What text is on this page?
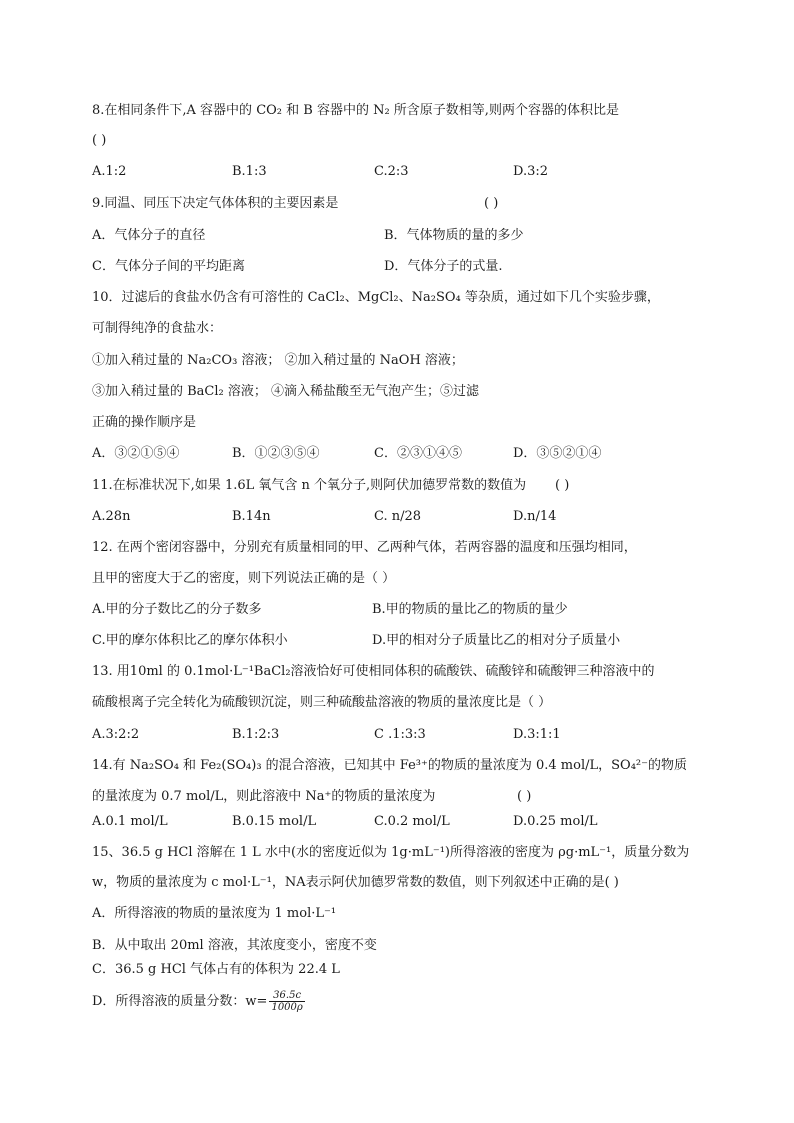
8.在相同条件下,A 容器中的 CO₂ 和 B 容器中的 N₂ 所含原子数相等,则两个容器的体积比是
( )
A.1:2	B.1:3	C.2:3	D.3:2
9.同温、同压下决定气体体积的主要因素是	( )
A．气体分子的直径	B．气体物质的量的多少
C．气体分子间的平均距离	D．气体分子的式量.
10．过滤后的食盐水仍含有可溶性的 CaCl₂、MgCl₂、Na₂SO₄ 等杂质，通过如下几个实验步骤，
可制得纯净的食盐水：
①加入稍过量的 Na₂CO₃ 溶液； ②加入稍过量的 NaOH 溶液；
③加入稍过量的 BaCl₂ 溶液； ④滴入稀盐酸至无气泡产生；⑤过滤
正确的操作顺序是
A．③②①⑤④	B．①②③⑤④	C．②③①④⑤	D．③⑤②①④
11.在标准状况下,如果 1.6L 氧气含 n 个氧分子,则阿伏加德罗常数的数值为 ( )
A.28n	B.14n	C. n/28	D.n/14
12. 在两个密闭容器中，分别充有质量相同的甲、乙两种气体，若两容器的温度和压强均相同，
且甲的密度大于乙的密度，则下列说法正确的是（ ）
A.甲的分子数比乙的分子数多	B.甲的物质的量比乙的物质的量少
C.甲的摩尔体积比乙的摩尔体积小	D.甲的相对分子质量比乙的相对分子质量小
13. 用10ml 的 0.1mol·L⁻¹BaCl₂溶液恰好可使相同体积的硫酸铁、硫酸锌和硫酸钾三种溶液中的
硫酸根离子完全转化为硫酸钡沉淀，则三种硫酸盐溶液的物质的量浓度比是（ ）
A.3:2:2	B.1:2:3	C .1:3:3	D.3:1:1
14.有 Na₂SO₄ 和 Fe₂(SO₄)₃ 的混合溶液，已知其中 Fe³⁺的物质的量浓度为 0.4 mol/L，SO₄²⁻的物质
的量浓度为 0.7 mol/L，则此溶液中 Na⁺的物质的量浓度为	( )
A.0.1 mol/L	B.0.15 mol/L	C.0.2 mol/L	D.0.25 mol/L
15、36.5 g HCl 溶解在 1 L 水中(水的密度近似为 1g·mL⁻¹)所得溶液的密度为 ρg·mL⁻¹，质量分数为
w，物质的量浓度为 c mol·L⁻¹，NA表示阿伏加德罗常数的数值，则下列叙述中正确的是( )
A．所得溶液的物质的量浓度为 1 mol·L⁻¹
B．从中取出 20ml 溶液，其浓度变小，密度不变
C．36.5 g HCl 气体占有的体积为 22.4 L
D．所得溶液的质量分数：$w= \frac{36.5c}{1000\rho}$
